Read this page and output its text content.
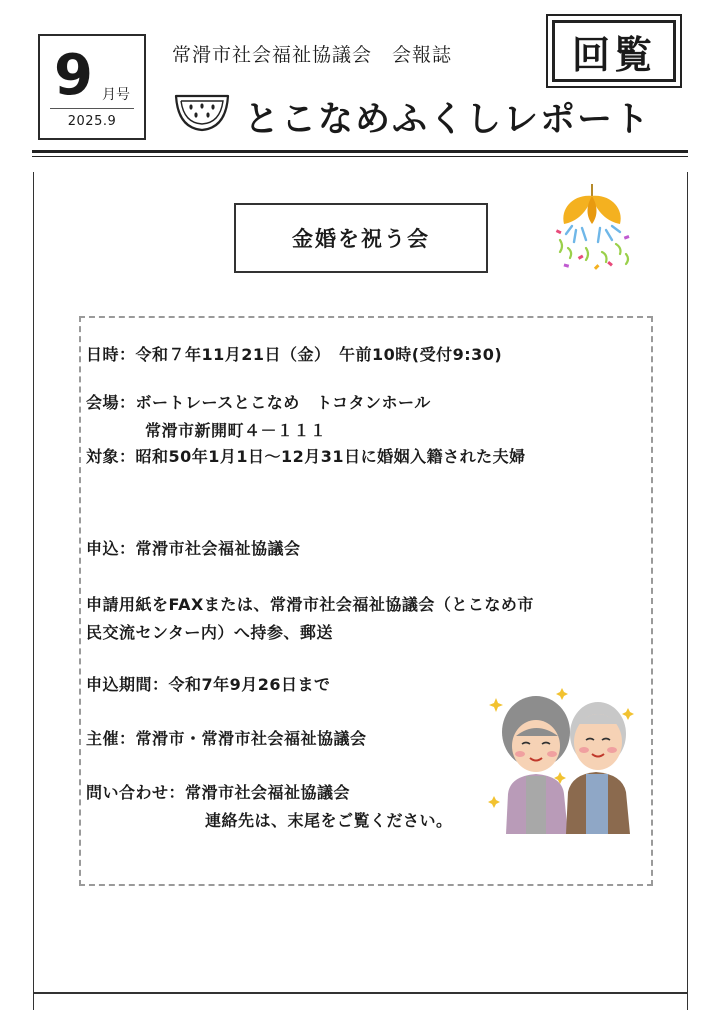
9 月号
2025.9
常滑市社会福祉協議会　会報誌
とこなめふくしレポート
回覧
金婚を祝う会
日時：令和７年11月21日（金）　午前10時(受付9:30)
会場：ボートレースとこなめ　トコタンホール
常滑市新開町４－１１１
対象：昭和50年1月1日～12月31日に婚姻入籍された夫婦
申込：常滑市社会福祉協議会
申請用紙をFAXまたは、常滑市社会福祉協議会（とこなめ市
民交流センター内）へ持参、郵送
申込期間：令和7年9月26日まで
主催：常滑市・常滑市社会福祉協議会
問い合わせ：常滑市社会福祉協議会
連絡先は、末尾をご覧ください。
